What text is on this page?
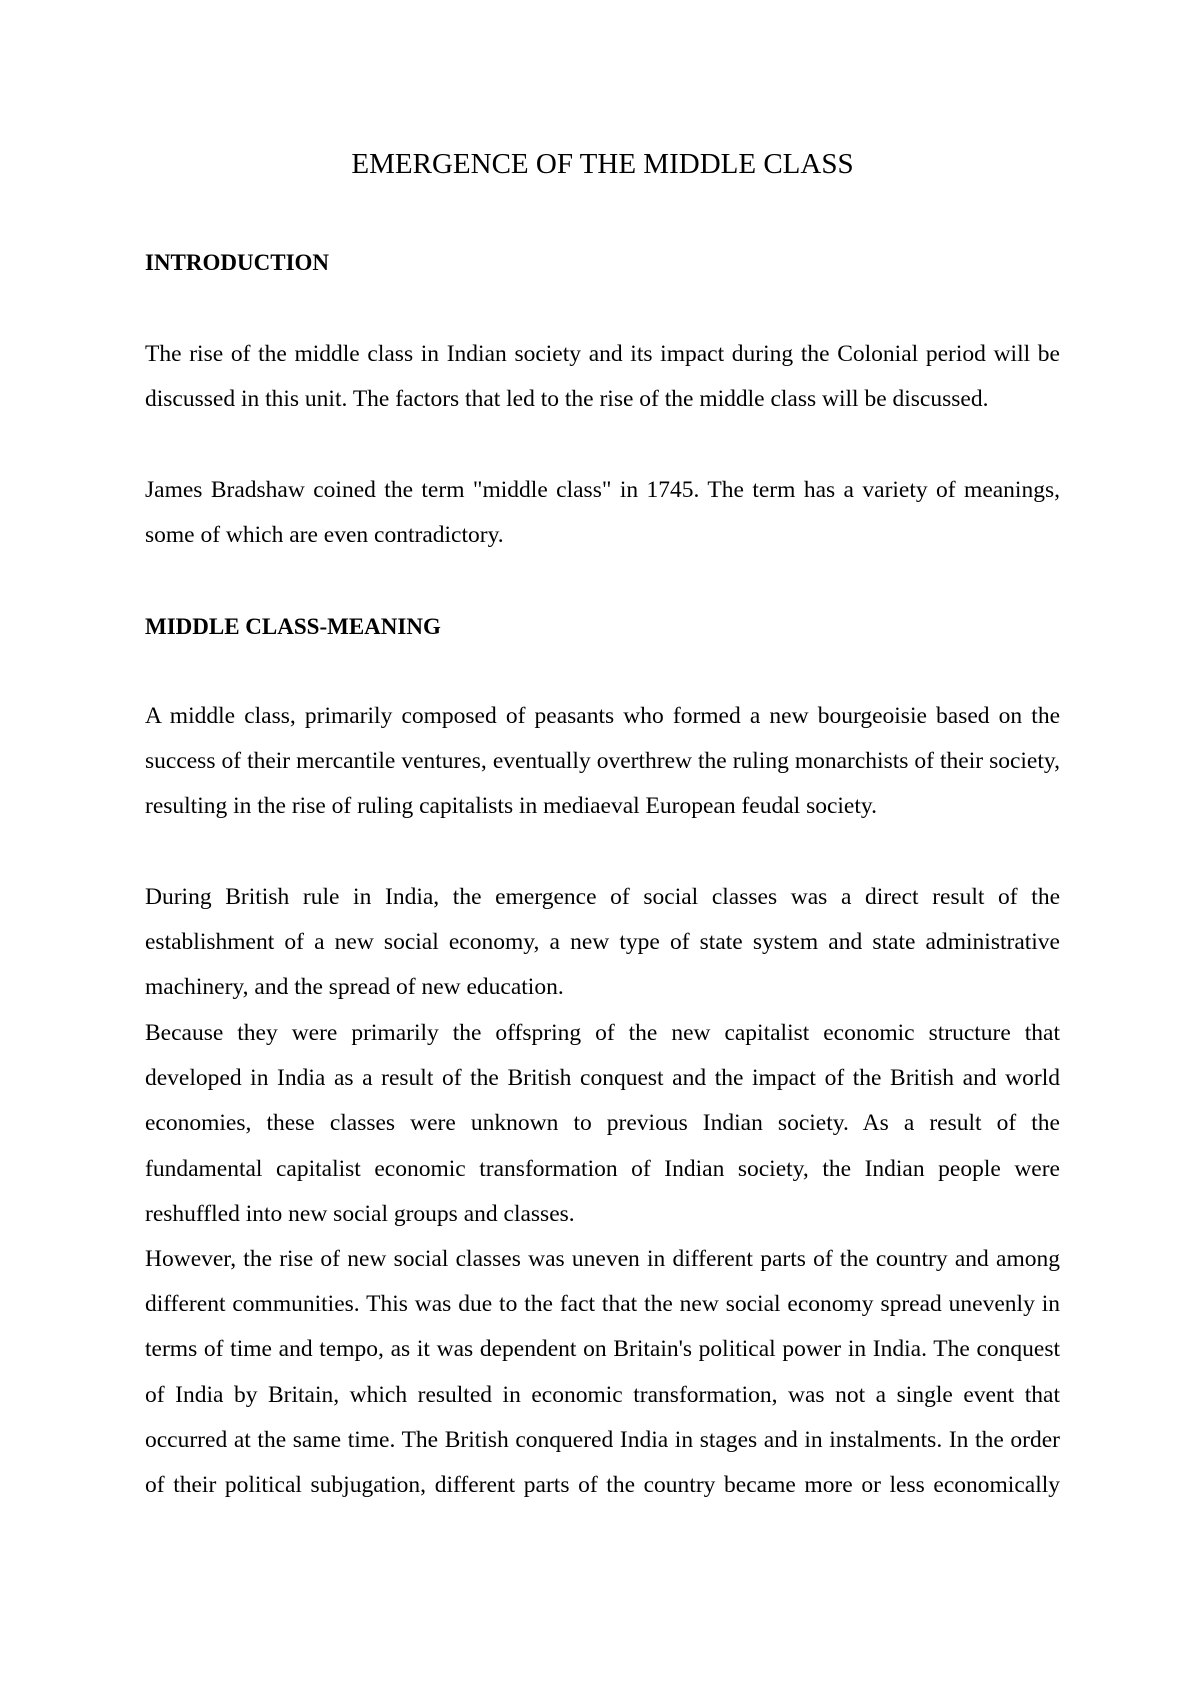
EMERGENCE OF THE MIDDLE CLASS
INTRODUCTION

The rise of the middle class in Indian society and its impact during the Colonial period will be discussed in this unit. The factors that led to the rise of the middle class will be discussed.

James Bradshaw coined the term "middle class" in 1745. The term has a variety of meanings, some of which are even contradictory.

MIDDLE CLASS-MEANING

A middle class, primarily composed of peasants who formed a new bourgeoisie based on the success of their mercantile ventures, eventually overthrew the ruling monarchists of their society, resulting in the rise of ruling capitalists in mediaeval European feudal society.

During British rule in India, the emergence of social classes was a direct result of the establishment of a new social economy, a new type of state system and state administrative machinery, and the spread of new education.

Because they were primarily the offspring of the new capitalist economic structure that developed in India as a result of the British conquest and the impact of the British and world economies, these classes were unknown to previous Indian society. As a result of the fundamental capitalist economic transformation of Indian society, the Indian people were reshuffled into new social groups and classes.

However, the rise of new social classes was uneven in different parts of the country and among different communities. This was due to the fact that the new social economy spread unevenly in terms of time and tempo, as it was dependent on Britain's political power in India. The conquest of India by Britain, which resulted in economic transformation, was not a single event that occurred at the same time. The British conquered India in stages and in instalments. In the order of their political subjugation, different parts of the country became more or less economically
